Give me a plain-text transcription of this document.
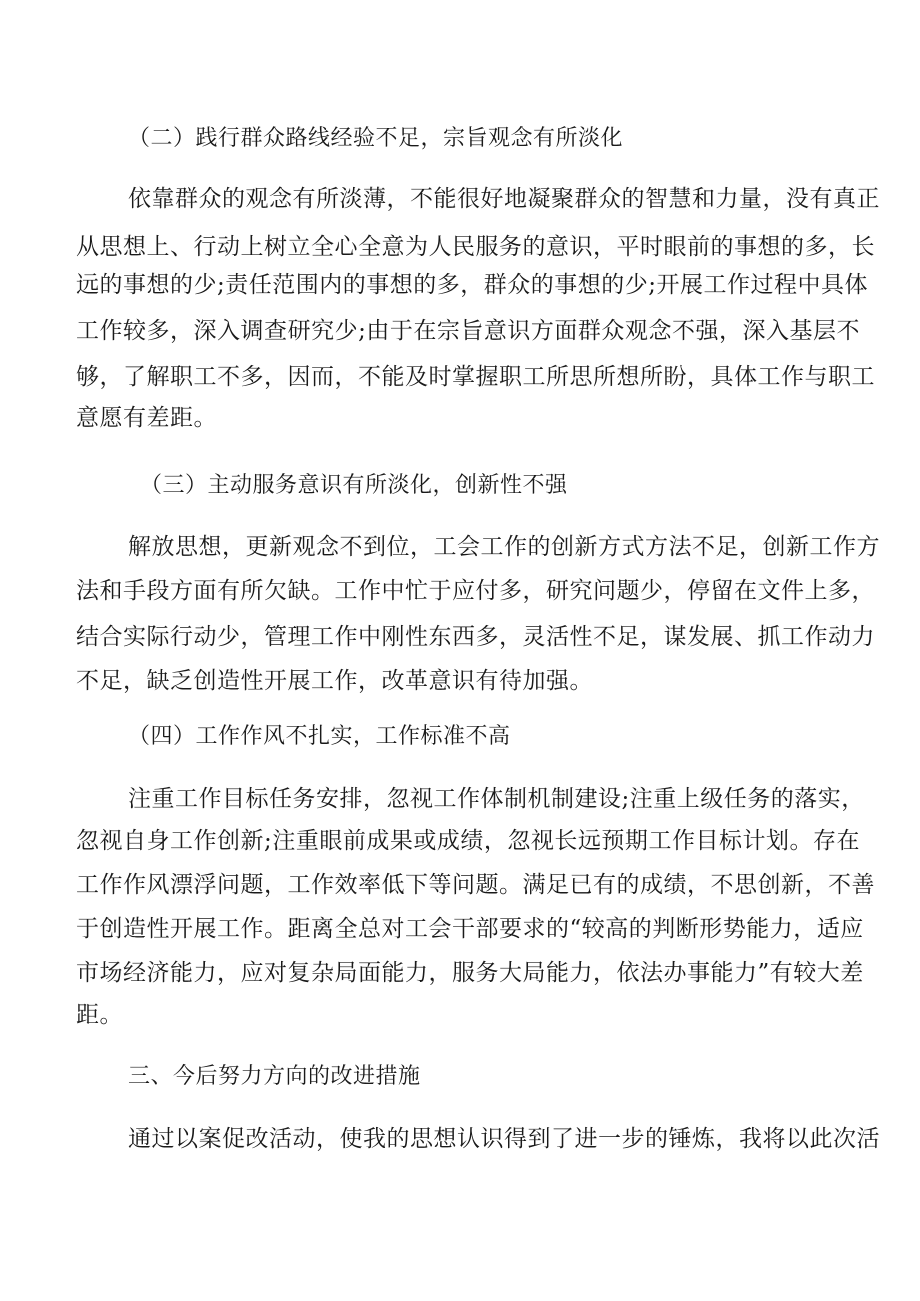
（二）践行群众路线经验不足，宗旨观念有所淡化
依靠群众的观念有所淡薄，不能很好地凝聚群众的智慧和力量，没有真正
从思想上、行动上树立全心全意为人民服务的意识，平时眼前的事想的多，长
远的事想的少;责任范围内的事想的多，群众的事想的少;开展工作过程中具体
工作较多，深入调查研究少;由于在宗旨意识方面群众观念不强，深入基层不
够，了解职工不多，因而，不能及时掌握职工所思所想所盼，具体工作与职工
意愿有差距。
（三）主动服务意识有所淡化，创新性不强
解放思想，更新观念不到位，工会工作的创新方式方法不足，创新工作方
法和手段方面有所欠缺。工作中忙于应付多，研究问题少，停留在文件上多，
结合实际行动少，管理工作中刚性东西多，灵活性不足，谋发展、抓工作动力
不足，缺乏创造性开展工作，改革意识有待加强。
（四）工作作风不扎实，工作标准不高
注重工作目标任务安排，忽视工作体制机制建设;注重上级任务的落实，
忽视自身工作创新;注重眼前成果或成绩，忽视长远预期工作目标计划。存在
工作作风漂浮问题，工作效率低下等问题。满足已有的成绩，不思创新，不善
于创造性开展工作。距离全总对工会干部要求的“较高的判断形势能力，适应
市场经济能力，应对复杂局面能力，服务大局能力，依法办事能力”有较大差
距。
三、今后努力方向的改进措施
通过以案促改活动，使我的思想认识得到了进一步的锤炼，我将以此次活
